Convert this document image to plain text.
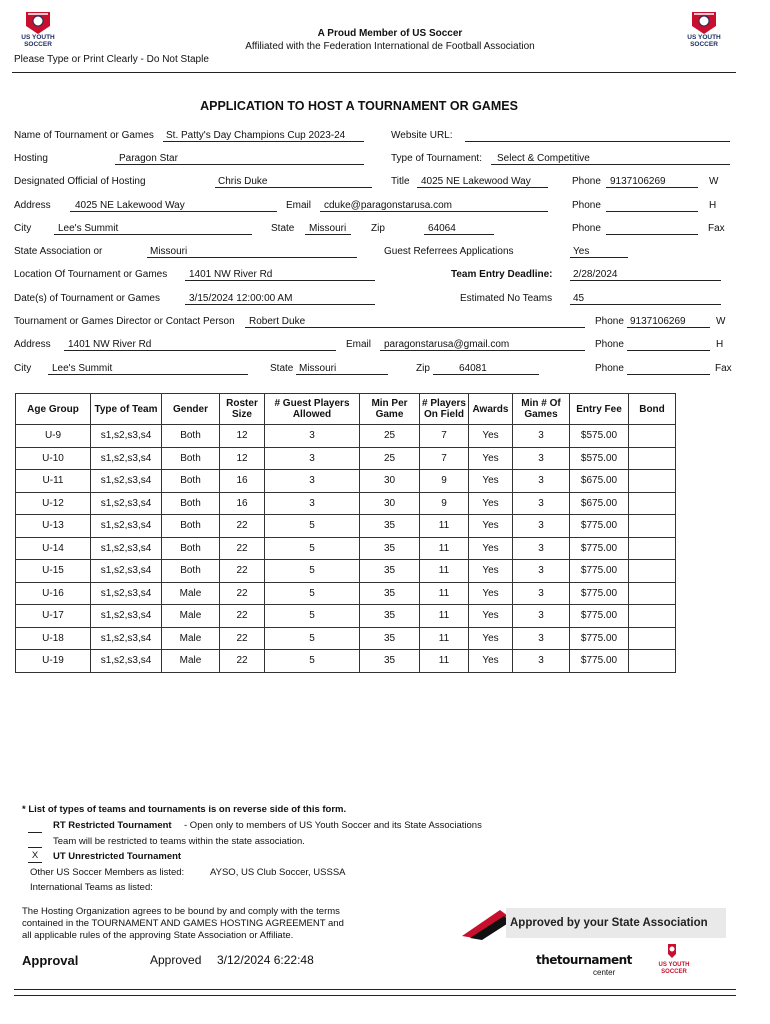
US YOUTH SOCCER
US YOUTH SOCCER
A Proud Member of US Soccer
Affiliated with the Federation International de Football Association
Please Type or Print Clearly - Do Not Staple
APPLICATION TO HOST A TOURNAMENT OR GAMES
Name of Tournament or Games St. Patty's Day Champions Cup 2023-24	Website URL:
Hosting	Paragon Star	Type of Tournament: Select & Competitive
Designated Official of Hosting	Chris Duke	Title 4025 NE Lakewood Way	Phone 9137106269	W
Address 4025 NE Lakewood Way	Email cduke@paragonstarusa.com	Phone	H
City	Lee's Summit	State Missouri Zip	64064	Phone	Fax
State Association or	Missouri	Guest Referrees Applications	Yes
Location Of Tournament or Games 1401 NW River Rd	Team Entry Deadline: 2/28/2024
Date(s) of Tournament or Games	3/15/2024 12:00:00 AM	Estimated No Teams 45
Tournament or Games Director or Contact Person Robert Duke	Phone 9137106269	W
Address 1401 NW River Rd	Email paragonstarusa@gmail.com	Phone	H
City Lee's Summit	State Missouri	Zip	64081	Phone	Fax
Age Group	Type of Team	Gender	Roster Size	# Guest Players Allowed	Min Per Game	# Players On Field	Awards	Min # Of Games	Entry Fee	Bond
U-9	s1,s2,s3,s4	Both	12	3	25	7	Yes	3	$575.00	
U-10	s1,s2,s3,s4	Both	12	3	25	7	Yes	3	$575.00	
U-11	s1,s2,s3,s4	Both	16	3	30	9	Yes	3	$675.00	
U-12	s1,s2,s3,s4	Both	16	3	30	9	Yes	3	$675.00	
U-13	s1,s2,s3,s4	Both	22	5	35	11	Yes	3	$775.00	
U-14	s1,s2,s3,s4	Both	22	5	35	11	Yes	3	$775.00	
U-15	s1,s2,s3,s4	Both	22	5	35	11	Yes	3	$775.00	
U-16	s1,s2,s3,s4	Male	22	5	35	11	Yes	3	$775.00	
U-17	s1,s2,s3,s4	Male	22	5	35	11	Yes	3	$775.00	
U-18	s1,s2,s3,s4	Male	22	5	35	11	Yes	3	$775.00	
U-19	s1,s2,s3,s4	Male	22	5	35	11	Yes	3	$775.00	
* List of types of teams and tournaments is on reverse side of this form.
RT Restricted Tournament - Open only to members of US Youth Soccer and its State Associations
Team will be restricted to teams within the state association.
X	UT Unrestricted Tournament
Other US Soccer Members as listed:	AYSO, US Club Soccer, USSSA
International Teams as listed:
The Hosting Organization agrees to be bound by and comply with the terms
contained in the TOURNAMENT AND GAMES HOSTING AGREEMENT and
all applicable rules of the approving State Association or Affiliate.
Approval	Approved 3/12/2024 6:22:48
Approved by your State Association
thetournament
center
US YOUTH SOCCER
